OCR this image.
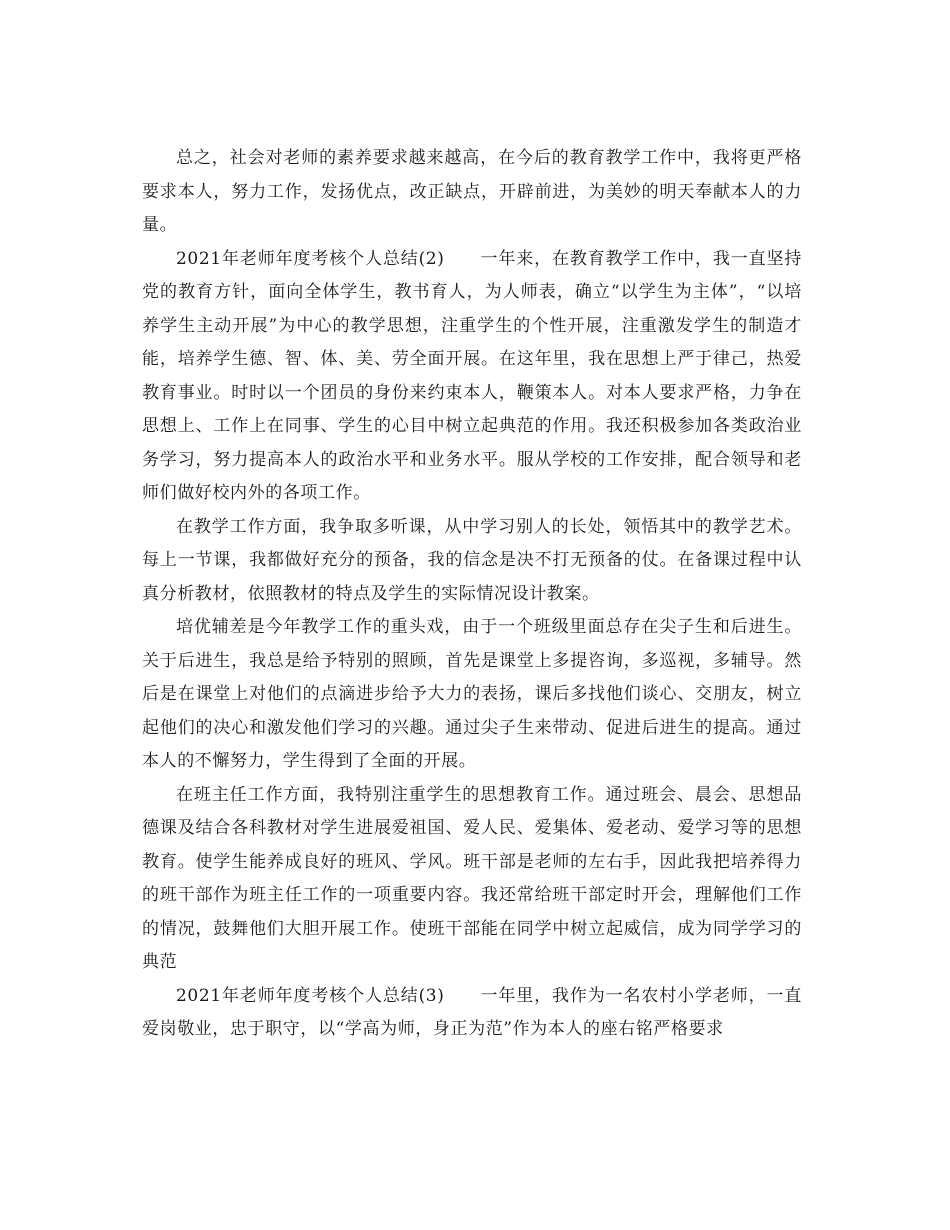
总之，社会对老师的素养要求越来越高，在今后的教育教学工作中，我将更严格要求本人，努力工作，发扬优点，改正缺点，开辟前进，为美妙的明天奉献本人的力量。

2021年老师年度考核个人总结(2)　　一年来，在教育教学工作中，我一直坚持党的教育方针，面向全体学生，教书育人，为人师表，确立“以学生为主体”，“以培养学生主动开展”为中心的教学思想，注重学生的个性开展，注重激发学生的制造才能，培养学生德、智、体、美、劳全面开展。在这年里，我在思想上严于律己，热爱教育事业。时时以一个团员的身份来约束本人，鞭策本人。对本人要求严格，力争在思想上、工作上在同事、学生的心目中树立起典范的作用。我还积极参加各类政治业务学习，努力提高本人的政治水平和业务水平。服从学校的工作安排，配合领导和老师们做好校内外的各项工作。

在教学工作方面，我争取多听课，从中学习别人的长处，领悟其中的教学艺术。每上一节课，我都做好充分的预备，我的信念是决不打无预备的仗。在备课过程中认真分析教材，依照教材的特点及学生的实际情况设计教案。

培优辅差是今年教学工作的重头戏，由于一个班级里面总存在尖子生和后进生。关于后进生，我总是给予特别的照顾，首先是课堂上多提咨询，多巡视，多辅导。然后是在课堂上对他们的点滴进步给予大力的表扬，课后多找他们谈心、交朋友，树立起他们的决心和激发他们学习的兴趣。通过尖子生来带动、促进后进生的提高。通过本人的不懈努力，学生得到了全面的开展。

在班主任工作方面，我特别注重学生的思想教育工作。通过班会、晨会、思想品德课及结合各科教材对学生进展爱祖国、爱人民、爱集体、爱老动、爱学习等的思想教育。使学生能养成良好的班风、学风。班干部是老师的左右手，因此我把培养得力的班干部作为班主任工作的一项重要内容。我还常给班干部定时开会，理解他们工作的情况，鼓舞他们大胆开展工作。使班干部能在同学中树立起威信，成为同学学习的典范

2021年老师年度考核个人总结(3)　　一年里，我作为一名农村小学老师，一直爱岗敬业，忠于职守，以“学高为师，身正为范”作为本人的座右铭严格要求
